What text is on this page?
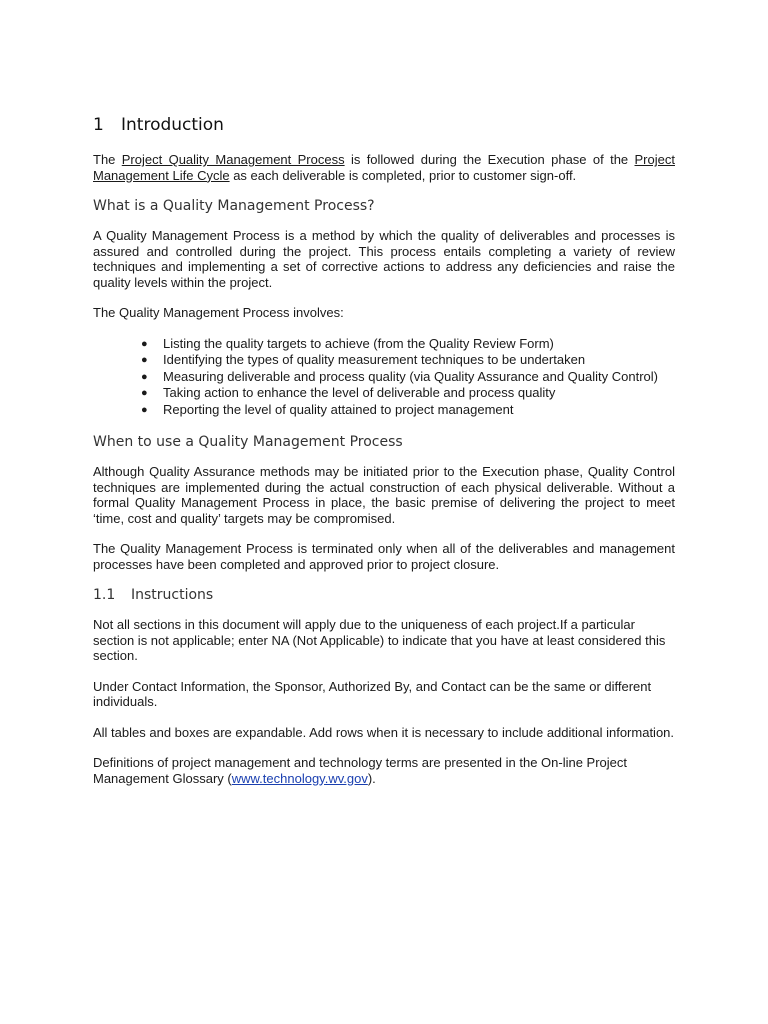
1 Introduction

The Project Quality Management Process is followed during the Execution phase of the Project Management Life Cycle as each deliverable is completed, prior to customer sign-off.

What is a Quality Management Process?

A Quality Management Process is a method by which the quality of deliverables and processes is assured and controlled during the project. This process entails completing a variety of review techniques and implementing a set of corrective actions to address any deficiencies and raise the quality levels within the project.

The Quality Management Process involves:

● Listing the quality targets to achieve (from the Quality Review Form)
● Identifying the types of quality measurement techniques to be undertaken
● Measuring deliverable and process quality (via Quality Assurance and Quality Control)
● Taking action to enhance the level of deliverable and process quality
● Reporting the level of quality attained to project management
When to use a Quality Management Process

Although Quality Assurance methods may be initiated prior to the Execution phase, Quality Control techniques are implemented during the actual construction of each physical deliverable. Without a formal Quality Management Process in place, the basic premise of delivering the project to meet ‘time, cost and quality’ targets may be compromised.

The Quality Management Process is terminated only when all of the deliverables and management processes have been completed and approved prior to project closure.

1.1 Instructions

Not all sections in this document will apply due to the uniqueness of each project.If a particular section is not applicable; enter NA (Not Applicable) to indicate that you have at least considered this section.

Under Contact Information, the Sponsor, Authorized By, and Contact can be the same or different individuals.

All tables and boxes are expandable. Add rows when it is necessary to include additional information.

Definitions of project management and technology terms are presented in the On-line Project Management Glossary (www.technology.wv.gov).
